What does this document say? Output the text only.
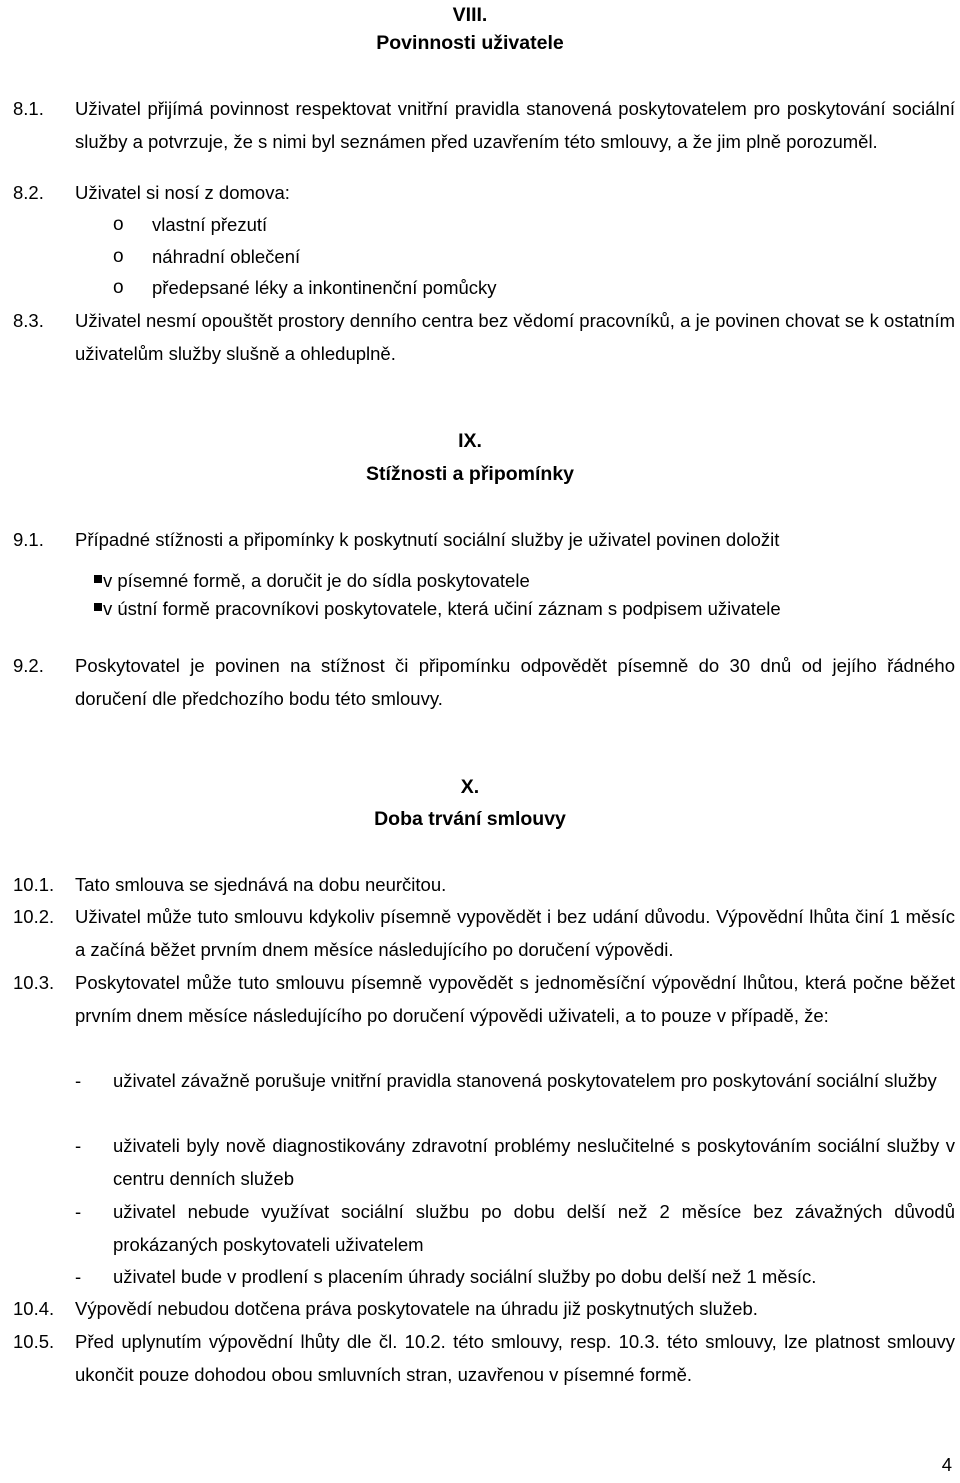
VIII.
Povinnosti uživatele
8.1.	Uživatel přijímá povinnost respektovat vnitřní pravidla stanovená poskytovatelem pro poskytování sociální služby a potvrzuje, že s nimi byl seznámen před uzavřením této smlouvy, a že jim plně porozuměl.
8.2.	Uživatel si nosí z domova:
o vlastní přezutí
o náhradní oblečení
o předepsané léky a inkontinenční pomůcky
8.3.	Uživatel nesmí opouštět prostory denního centra bez vědomí pracovníků, a je povinen chovat se k ostatním uživatelům služby slušně a ohleduplně.
IX.
Stížnosti a připomínky
9.1.	Případné stížnosti a připomínky k poskytnutí sociální služby je uživatel povinen doložit
v písemné formě, a doručit je do sídla poskytovatele
v ústní formě pracovníkovi poskytovatele, která učiní záznam s podpisem uživatele
9.2.	Poskytovatel je povinen na stížnost či připomínku odpovědět písemně do 30 dnů od jejího řádného doručení dle předchozího bodu této smlouvy.
X.
Doba trvání smlouvy
10.1.	Tato smlouva se sjednává na dobu neurčitou.
10.2.	Uživatel může tuto smlouvu kdykoliv písemně vypovědět i bez udání důvodu. Výpovědní lhůta činí 1 měsíc a začíná běžet prvním dnem měsíce následujícího po doručení výpovědi.
10.3.	Poskytovatel může tuto smlouvu písemně vypovědět s jednoměsíční výpovědní lhůtou, která počne běžet prvním dnem měsíce následujícího po doručení výpovědi uživateli, a to pouze v případě, že:
- uživatel závažně porušuje vnitřní pravidla stanovená poskytovatelem pro poskytování sociální služby
- uživateli byly nově diagnostikovány zdravotní problémy neslučitelné s poskytováním sociální služby v centru denních služeb
- uživatel nebude využívat sociální službu po dobu delší než 2 měsíce bez závažných důvodů prokázaných poskytovateli uživatelem
- uživatel bude v prodlení s placením úhrady sociální služby po dobu delší než 1 měsíc.
10.4.	Výpovědí nebudou dotčena práva poskytovatele na úhradu již poskytnutých služeb.
10.5.	Před uplynutím výpovědní lhůty dle čl. 10.2. této smlouvy, resp. 10.3. této smlouvy, lze platnost smlouvy ukončit pouze dohodou obou smluvních stran, uzavřenou v písemné formě.
4
